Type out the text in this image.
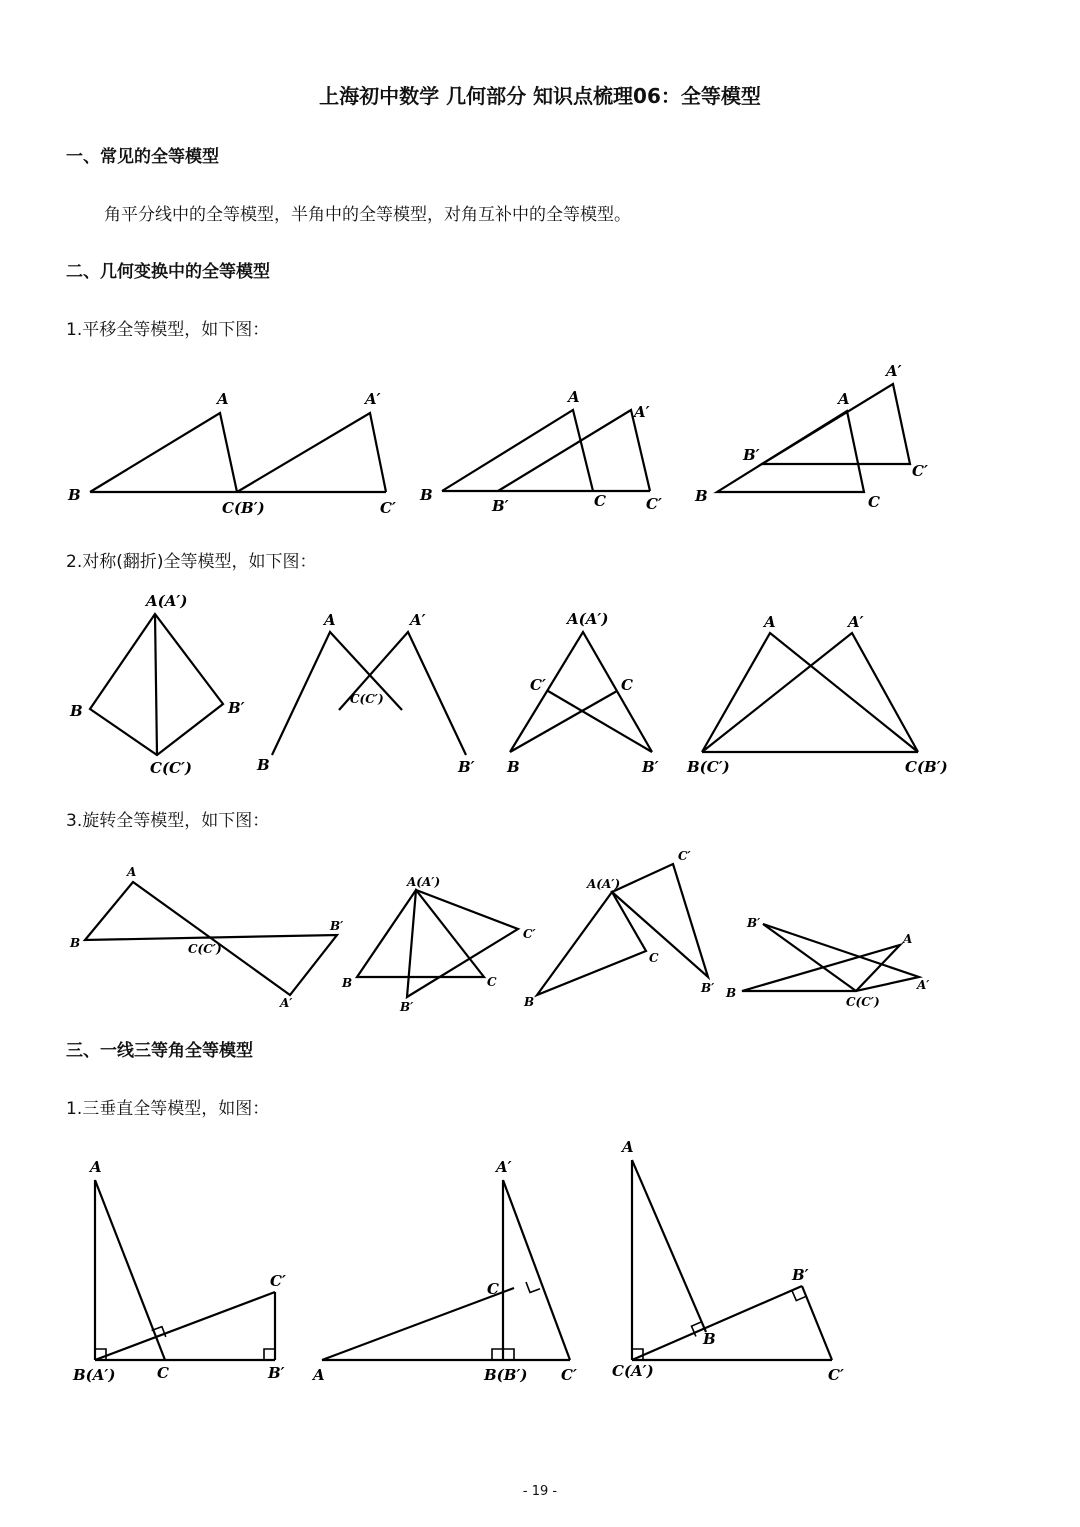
上海初中数学 几何部分 知识点梳理06：全等模型
一、常见的全等模型
角平分线中的全等模型，半角中的全等模型，对角互补中的全等模型。
二、几何变换中的全等模型
1.平移全等模型，如下图：
B
A
C(B′)
A′
C′
B
A
B′	C
A′
C′ B
A
C
B′
A′
C′
2.对称(翻折)全等模型，如下图：
A(A′)
B	B′
C(C′)
A	A′
C(C′)
B	B′
A(A′)
C′	C
B	B′
A	A′
B(C′)	C(B′)
3.旋转全等模型，如下图：
A
B	C(C′)
B′
A′
A(A′)
B	C
B′
C′
A(A′)
C′
C
B
B′
B′
A
B
A′
C(C′)
三、一线三等角全等模型
1.三垂直全等模型，如图：
A
C′
B(A′)	C	B′
A′
C
A	B(B′) C′
A
B
B′
C(A′)	C′
- 19 -
